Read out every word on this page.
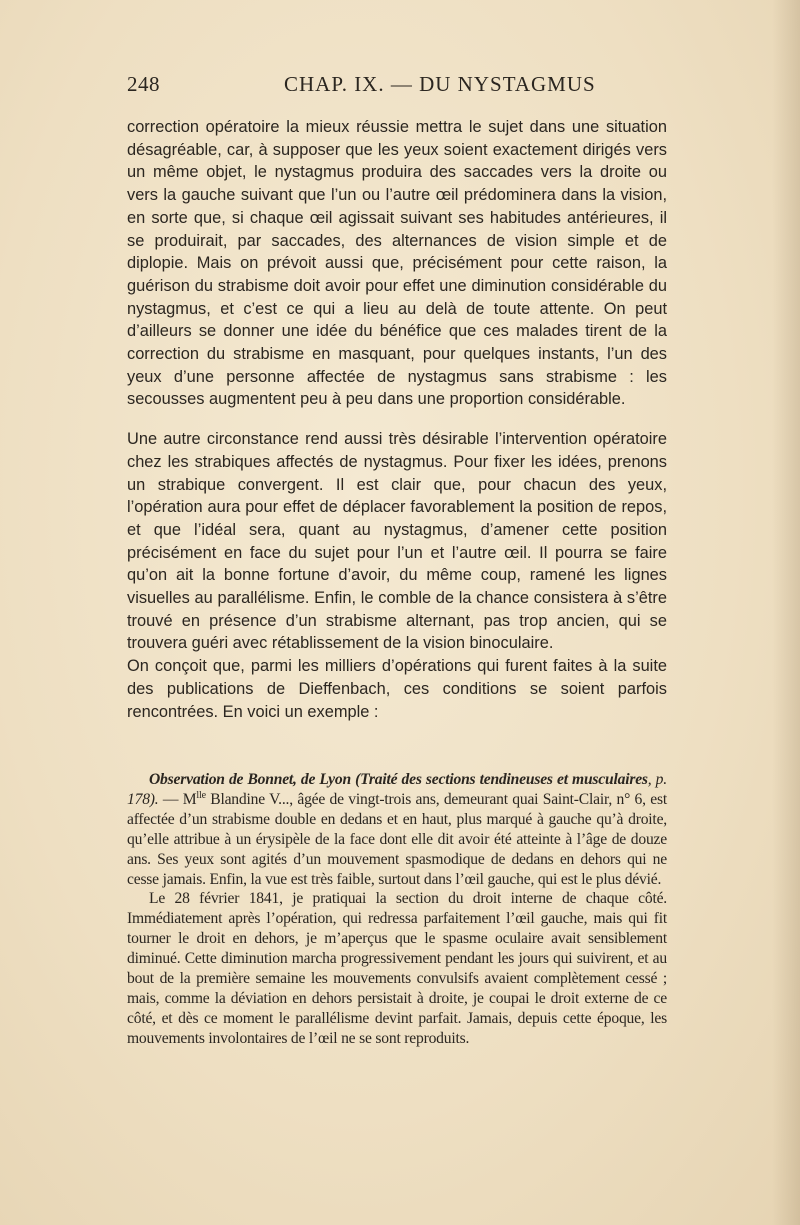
248	CHAP. IX. — DU NYSTAGMUS

correction opératoire la mieux réussie mettra le sujet dans une situation désagréable, car, à supposer que les yeux soient exactement dirigés vers un même objet, le nystagmus produira des saccades vers la droite ou vers la gauche suivant que l’un ou l’autre œil prédominera dans la vision, en sorte que, si chaque œil agissait suivant ses habitudes antérieures, il se produirait, par saccades, des alternances de vision simple et de diplopie. Mais on prévoit aussi que, précisément pour cette raison, la guérison du strabisme doit avoir pour effet une diminution considérable du nystagmus, et c’est ce qui a lieu au delà de toute attente. On peut d’ailleurs se donner une idée du bénéfice que ces malades tirent de la correction du strabisme en masquant, pour quelques instants, l’un des yeux d’une personne affectée de nystagmus sans strabisme : les secousses augmentent peu à peu dans une proportion considérable.

Une autre circonstance rend aussi très désirable l’intervention opératoire chez les strabiques affectés de nystagmus. Pour fixer les idées, prenons un strabique convergent. Il est clair que, pour chacun des yeux, l’opération aura pour effet de déplacer favorablement la position de repos, et que l’idéal sera, quant au nystagmus, d’amener cette position précisément en face du sujet pour l’un et l’autre œil. Il pourra se faire qu’on ait la bonne fortune d’avoir, du même coup, ramené les lignes visuelles au parallélisme. Enfin, le comble de la chance consistera à s’être trouvé en présence d’un strabisme alternant, pas trop ancien, qui se trouvera guéri avec rétablissement de la vision binoculaire.

On conçoit que, parmi les milliers d’opérations qui furent faites à la suite des publications de Dieffenbach, ces conditions se soient parfois rencontrées. En voici un exemple :

Observation de Bonnet, de Lyon (Traité des sections tendineuses et musculaires, p. 178). — $M^{lle}$ Blandine V..., âgée de vingt-trois ans, demeurant quai Saint-Clair, n° 6, est affectée d’un strabisme double en dedans et en haut, plus marqué à gauche qu’à droite, qu’elle attribue à un érysipèle de la face dont elle dit avoir été atteinte à l’âge de douze ans. Ses yeux sont agités d’un mouvement spasmodique de dedans en dehors qui ne cesse jamais. Enfin, la vue est très faible, surtout dans l’œil gauche, qui est le plus dévié.

Le 28 février 1841, je pratiquai la section du droit interne de chaque côté. Immédiatement après l’opération, qui redressa parfaitement l’œil gauche, mais qui fit tourner le droit en dehors, je m’aperçus que le spasme oculaire avait sensiblement diminué. Cette diminution marcha progressivement pendant les jours qui suivirent, et au bout de la première semaine les mouvements convulsifs avaient complètement cessé ; mais, comme la déviation en dehors persistait à droite, je coupai le droit externe de ce côté, et dès ce moment le parallélisme devint parfait. Jamais, depuis cette époque, les mouvements involontaires de l’œil ne se sont reproduits.
